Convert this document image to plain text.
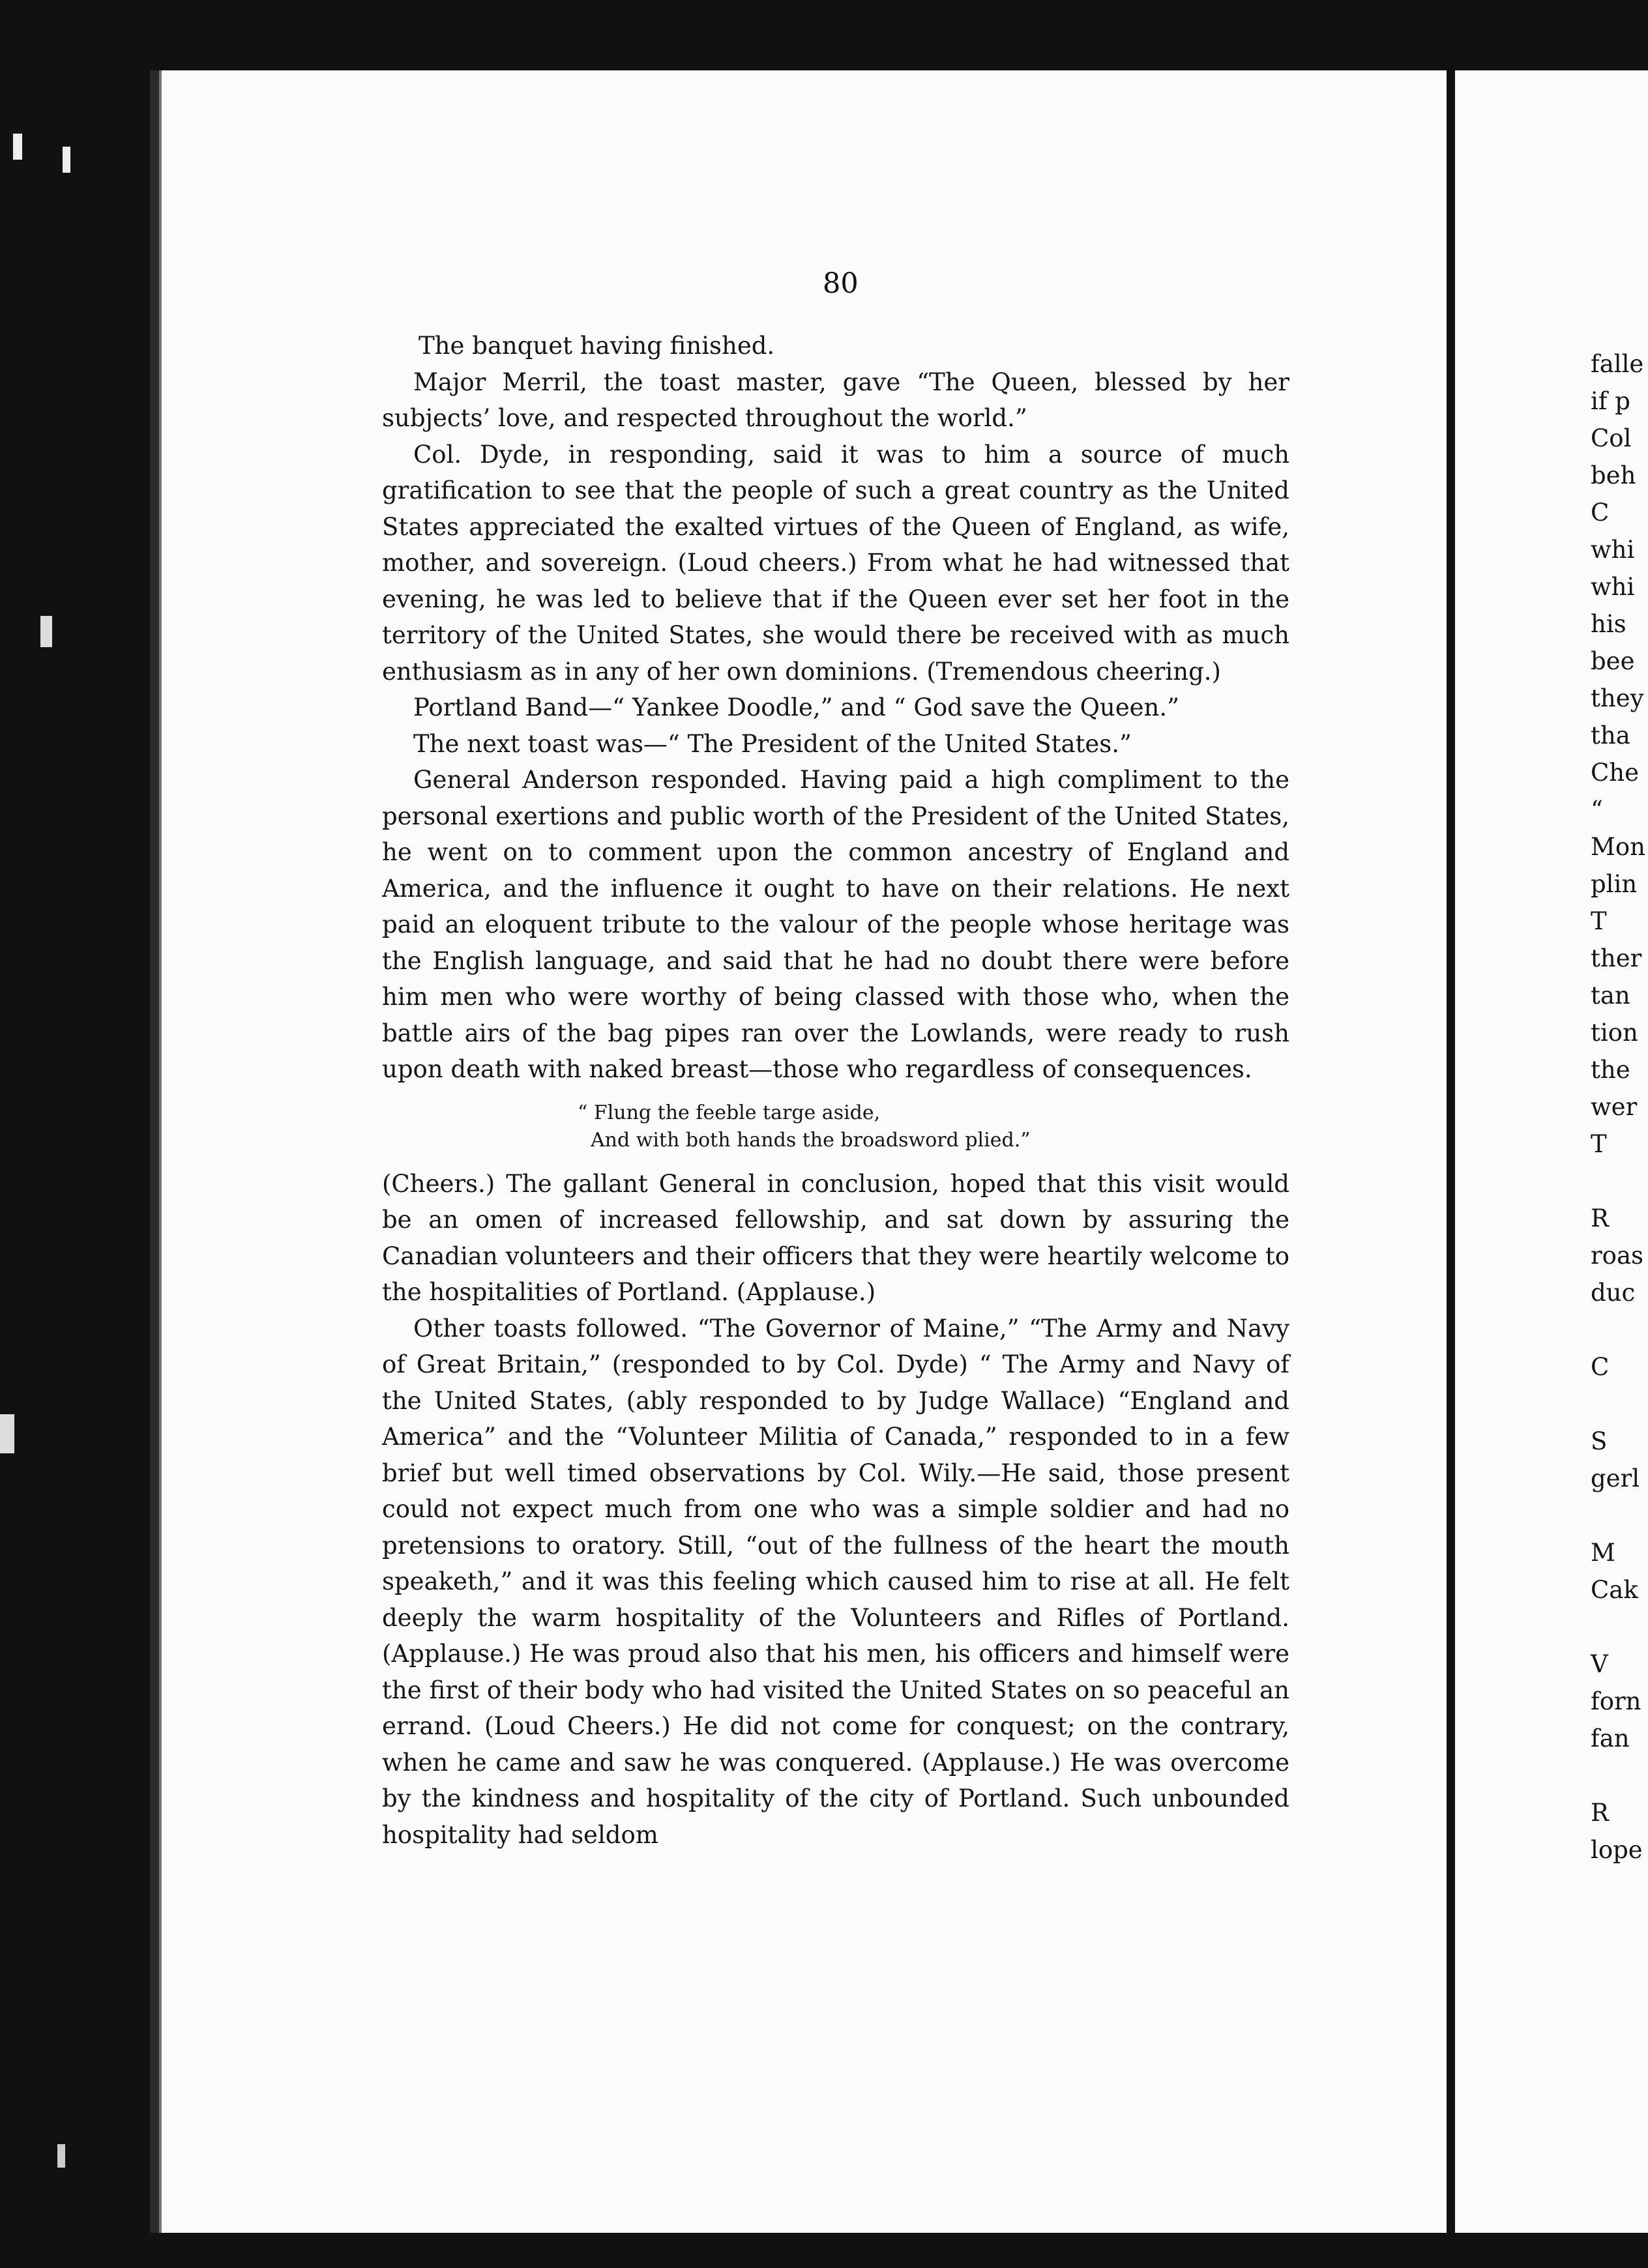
80

The banquet having finished.

Major Merril, the toast master, gave “The Queen, blessed by her subjects’ love, and respected throughout the world.”

Col. Dyde, in responding, said it was to him a source of much gratification to see that the people of such a great country as the United States appreciated the exalted virtues of the Queen of England, as wife, mother, and sovereign. (Loud cheers.) From what he had witnessed that evening, he was led to believe that if the Queen ever set her foot in the territory of the United States, she would there be received with as much enthusiasm as in any of her own dominions. (Tremendous cheering.)

Portland Band—“ Yankee Doodle,” and “ God save the Queen.”

The next toast was—“ The President of the United States.”

General Anderson responded. Having paid a high compliment to the personal exertions and public worth of the President of the United States, he went on to comment upon the common ancestry of England and America, and the influence it ought to have on their relations. He next paid an eloquent tribute to the valour of the people whose heritage was the English language, and said that he had no doubt there were before him men who were worthy of being classed with those who, when the battle airs of the bag pipes ran over the Lowlands, were ready to rush upon death with naked breast—those who regardless of consequences.

“ Flung the feeble targe aside,
And with both hands the broadsword plied.”

(Cheers.) The gallant General in conclusion, hoped that this visit would be an omen of increased fellowship, and sat down by assuring the Canadian volunteers and their officers that they were heartily welcome to the hospitalities of Portland. (Applause.)

Other toasts followed. “The Governor of Maine,” “The Army and Navy of Great Britain,” (responded to by Col. Dyde) “ The Army and Navy of the United States, (ably responded to by Judge Wallace) “England and America” and the “Volunteer Militia of Canada,” responded to in a few brief but well timed observations by Col. Wily.—He said, those present could not expect much from one who was a simple soldier and had no pretensions to oratory. Still, “out of the fullness of the heart the mouth speaketh,” and it was this feeling which caused him to rise at all. He felt deeply the warm hospitality of the Volunteers and Rifles of Portland. (Applause.) He was proud also that his men, his officers and himself were the first of their body who had visited the United States on so peaceful an errand. (Loud Cheers.) He did not come for conquest; on the contrary, when he came and saw he was conquered. (Applause.) He was overcome by the kindness and hospitality of the city of Portland. Such unbounded hospitality had seldom

falle
if p
Col
beh
C
whi
whi
his
bee
they
tha
Che
“
Mon
plin
T
ther
tan
tion
the
wer
T
R
roas
duc
C
S
gerl
M
Cak
V
forn
fan
R
lope
